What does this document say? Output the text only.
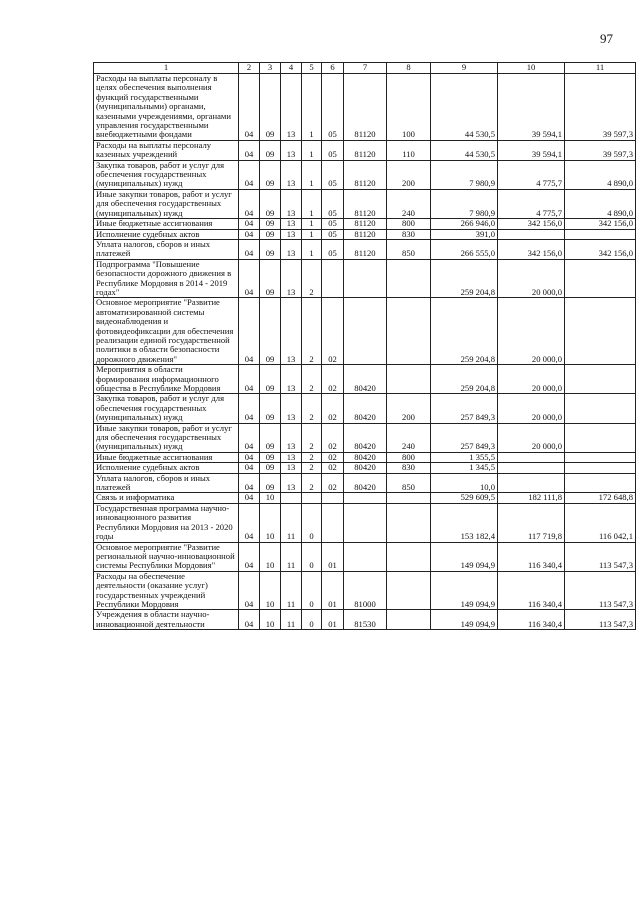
97
1	2	3	4	5	6	7	8	9	10	11
Расходы на выплаты персоналу в целях обеспечения выполнения функций государственными (муниципальными) органами, казенными учреждениями, органами управления государственными внебюджетными фондами	04	09	13	1	05	81120	100	44 530,5	39 594,1	39 597,3
Расходы на выплаты персоналу казенных учреждений	04	09	13	1	05	81120	110	44 530,5	39 594,1	39 597,3
Закупка товаров, работ и услуг для обеспечения государственных (муниципальных) нужд	04	09	13	1	05	81120	200	7 980,9	4 775,7	4 890,0
Иные закупки товаров, работ и услуг для обеспечения государственных (муниципальных) нужд	04	09	13	1	05	81120	240	7 980,9	4 775,7	4 890,0
Иные бюджетные ассигнования	04	09	13	1	05	81120	800	266 946,0	342 156,0	342 156,0
Исполнение судебных актов	04	09	13	1	05	81120	830	391,0		
Уплата налогов, сборов и иных платежей	04	09	13	1	05	81120	850	266 555,0	342 156,0	342 156,0
Подпрограмма "Повышение безопасности дорожного движения в Республике Мордовия в 2014 - 2019 годах"	04	09	13	2				259 204,8	20 000,0	
Основное мероприятие "Развитие автоматизированной системы видеонаблюдения и фотовидеофиксации для обеспечения реализации единой государственной политики в области безопасности дорожного движения"	04	09	13	2	02			259 204,8	20 000,0	
Мероприятия в области формирования информационного общества в Республике Мордовия	04	09	13	2	02	80420		259 204,8	20 000,0	
Закупка товаров, работ и услуг для обеспечения государственных (муниципальных) нужд	04	09	13	2	02	80420	200	257 849,3	20 000,0	
Иные закупки товаров, работ и услуг для обеспечения государственных (муниципальных) нужд	04	09	13	2	02	80420	240	257 849,3	20 000,0	
Иные бюджетные ассигнования	04	09	13	2	02	80420	800	1 355,5		
Исполнение судебных актов	04	09	13	2	02	80420	830	1 345,5		
Уплата налогов, сборов и иных платежей	04	09	13	2	02	80420	850	10,0		
Связь и информатика	04	10						529 609,5	182 111,8	172 648,8
Государственная программа научно-инновационного развития Республики Мордовия на 2013 - 2020 годы	04	10	11	0				153 182,4	117 719,8	116 042,1
Основное мероприятие "Развитие региональной научно-инновационной системы Республики Мордовия"	04	10	11	0	01			149 094,9	116 340,4	113 547,3
Расходы на обеспечение деятельности (оказание услуг) государственных учреждений Республики Мордовия	04	10	11	0	01	81000		149 094,9	116 340,4	113 547,3
Учреждения в области научно-инновационной деятельности	04	10	11	0	01	81530		149 094,9	116 340,4	113 547,3
